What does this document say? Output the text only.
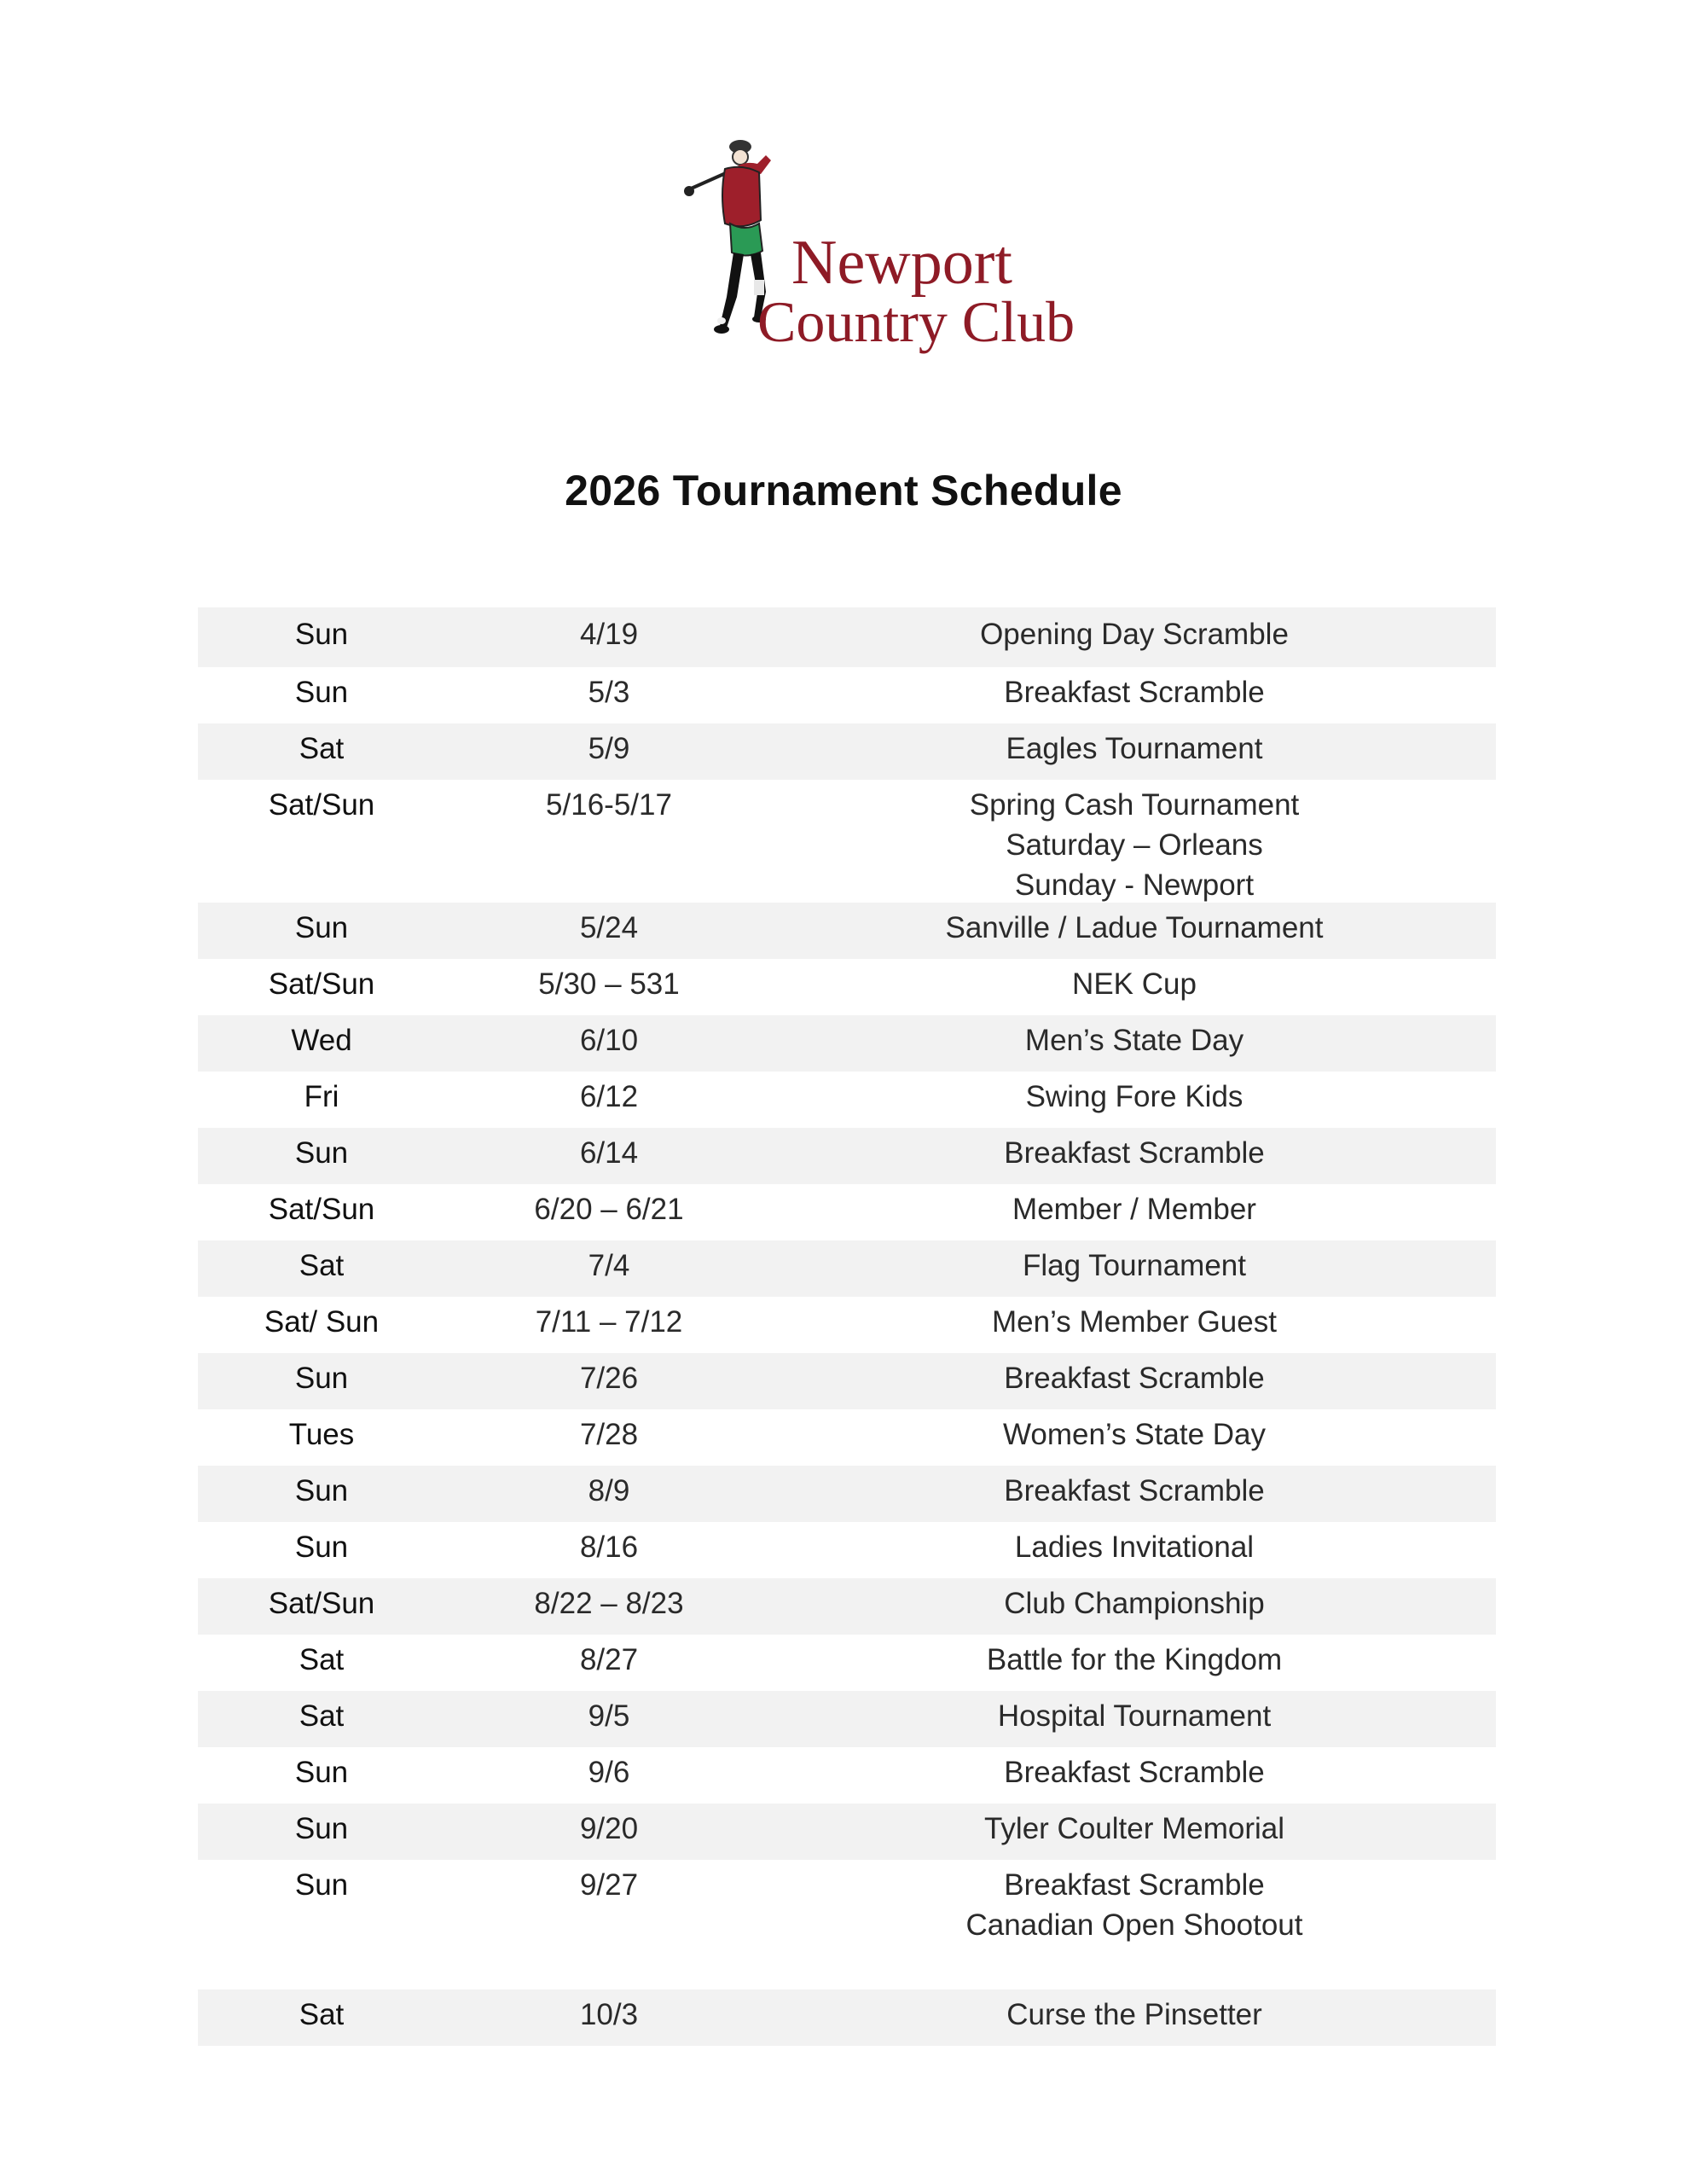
Newport
Country Club
2026 Tournament Schedule
Sun	4/19	Opening Day Scramble
Sun	5/3	Breakfast Scramble
Sat	5/9	Eagles Tournament
Sat/Sun	5/16-5/17	Spring Cash Tournament
Saturday – Orleans
Sunday - Newport
Sun	5/24	Sanville / Ladue Tournament
Sat/Sun	5/30 – 531	NEK Cup
Wed	6/10	Men’s State Day
Fri	6/12	Swing Fore Kids
Sun	6/14	Breakfast Scramble
Sat/Sun	6/20 – 6/21	Member / Member
Sat	7/4	Flag Tournament
Sat/ Sun	7/11 – 7/12	Men’s Member Guest
Sun	7/26	Breakfast Scramble
Tues	7/28	Women’s State Day
Sun	8/9	Breakfast Scramble
Sun	8/16	Ladies Invitational
Sat/Sun	8/22 – 8/23	Club Championship
Sat	8/27	Battle for the Kingdom
Sat	9/5	Hospital Tournament
Sun	9/6	Breakfast Scramble
Sun	9/20	Tyler Coulter Memorial
Sun	9/27	Breakfast Scramble
Canadian Open Shootout
Sat	10/3	Curse the Pinsetter
